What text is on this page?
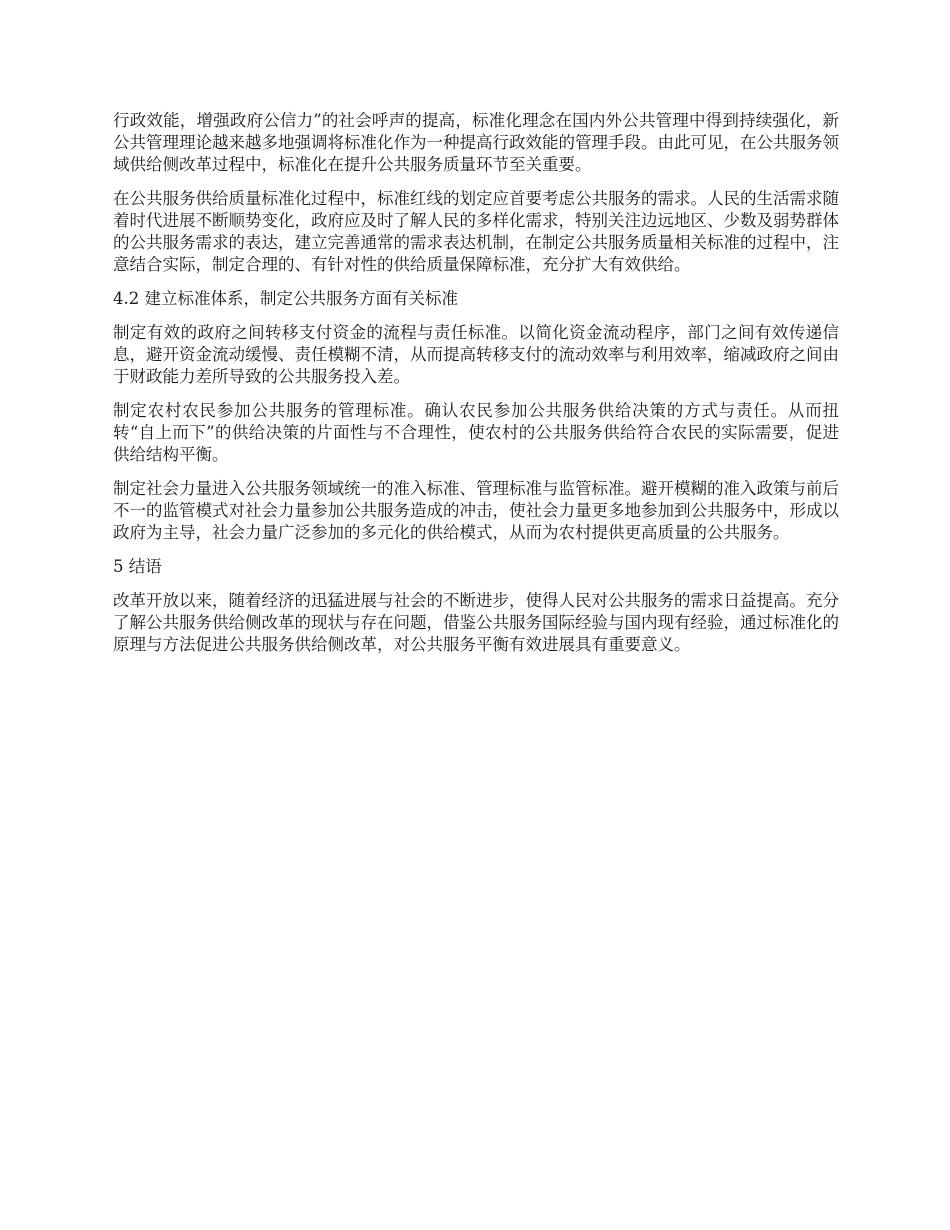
行政效能，增强政府公信力”的社会呼声的提高，标准化理念在国内外公共管理中得到持续强化，新公共管理理论越来越多地强调将标准化作为一种提高行政效能的管理手段。由此可见，在公共服务领域供给侧改革过程中，标准化在提升公共服务质量环节至关重要。

在公共服务供给质量标准化过程中，标准红线的划定应首要考虑公共服务的需求。人民的生活需求随着时代进展不断顺势变化，政府应及时了解人民的多样化需求，特别关注边远地区、少数及弱势群体的公共服务需求的表达，建立完善通常的需求表达机制，在制定公共服务质量相关标准的过程中，注意结合实际，制定合理的、有针对性的供给质量保障标准，充分扩大有效供给。

4.2 建立标准体系，制定公共服务方面有关标准

制定有效的政府之间转移支付资金的流程与责任标准。以简化资金流动程序，部门之间有效传递信息，避开资金流动缓慢、责任模糊不清，从而提高转移支付的流动效率与利用效率，缩减政府之间由于财政能力差所导致的公共服务投入差。

制定农村农民参加公共服务的管理标准。确认农民参加公共服务供给决策的方式与责任。从而扭转“自上而下”的供给决策的片面性与不合理性，使农村的公共服务供给符合农民的实际需要，促进供给结构平衡。

制定社会力量进入公共服务领域统一的准入标准、管理标准与监管标准。避开模糊的准入政策与前后不一的监管模式对社会力量参加公共服务造成的冲击，使社会力量更多地参加到公共服务中，形成以政府为主导，社会力量广泛参加的多元化的供给模式，从而为农村提供更高质量的公共服务。

5 结语

改革开放以来，随着经济的迅猛进展与社会的不断进步，使得人民对公共服务的需求日益提高。充分了解公共服务供给侧改革的现状与存在问题，借鉴公共服务国际经验与国内现有经验，通过标准化的原理与方法促进公共服务供给侧改革，对公共服务平衡有效进展具有重要意义。
